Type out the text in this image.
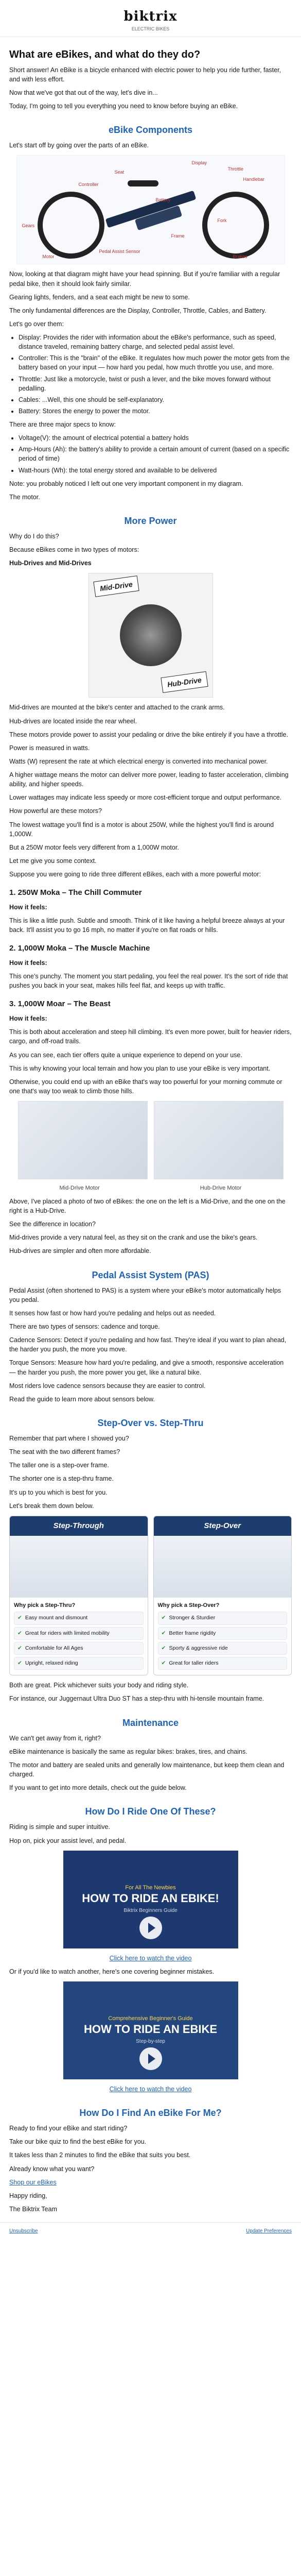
biktrix
ELECTRIC BIKES
What are eBikes, and what do they do?

Short answer! An eBike is a bicycle enhanced with electric power to help you ride further, faster, and with less effort.

Now that we've got that out of the way, let's dive in...

Today, I'm going to tell you everything you need to know before buying an eBike.

eBike Components

Let's start off by going over the parts of an eBike.

Display
Throttle
Handlebar
Seat
Battery
Controller
Pedal Assist Sensor
Motor	Brakes
Frame
Gears
Fork

Now, looking at that diagram might have your head spinning. But if you're familiar with a regular pedal bike, then it should look fairly similar.

Gearing lights, fenders, and a seat each might be new to some.

The only fundamental differences are the Display, Controller, Throttle, Cables, and Battery.

Let's go over them:

• Display: Provides the rider with information about the eBike's performance, such as speed, distance traveled, remaining battery charge, and selected pedal assist level.
• Controller: This is the "brain" of the eBike. It regulates how much power the motor gets from the battery based on your input — how hard you pedal, how much throttle you use, and more.
• Throttle: Just like a motorcycle, twist or push a lever, and the bike moves forward without pedalling.
• Cables: ...Well, this one should be self-explanatory.
• Battery: Stores the energy to power the motor.

There are three major specs to know:

• Voltage(V): the amount of electrical potential a battery holds
• Amp-Hours (Ah): the battery's ability to provide a certain amount of current (based on a specific period of time)
• Watt-hours (Wh): the total energy stored and available to be delivered

Note: you probably noticed I left out one very important component in my diagram.

The motor.

More Power

Why do I do this?

Because eBikes come in two types of motors:

Hub-Drives and Mid-Drives

Mid-Drive
Hub-Drive

Mid-drives are mounted at the bike's center and attached to the crank arms.

Hub-drives are located inside the rear wheel.

These motors provide power to assist your pedaling or drive the bike entirely if you have a throttle.

Power is measured in watts.

Watts (W) represent the rate at which electrical energy is converted into mechanical power.

A higher wattage means the motor can deliver more power, leading to faster acceleration, climbing ability, and higher speeds.

Lower wattages may indicate less speedy or more cost-efficient torque and output performance.

How powerful are these motors?

The lowest wattage you'll find is a motor is about 250W, while the highest you'll find is around 1,000W.

But a 250W motor feels very different from a 1,000W motor.

Let me give you some context.

Suppose you were going to ride three different eBikes, each with a more powerful motor:

1. 250W Moka – The Chill Commuter

How it feels:

This is like a little push. Subtle and smooth. Think of it like having a helpful breeze always at your back. It'll assist you to go 16 mph, no matter if you're on flat roads or hills.

2. 1,000W Moka – The Muscle Machine

How it feels:

This one's punchy. The moment you start pedaling, you feel the real power. It's the sort of ride that pushes you back in your seat, makes hills feel flat, and keeps up with traffic.

3. 1,000W Moar – The Beast

How it feels:

This is both about acceleration and steep hill climbing. It's even more power, built for heavier riders, cargo, and off-road trails.

As you can see, each tier offers quite a unique experience to depend on your use.

This is why knowing your local terrain and how you plan to use your eBike is very important.

Otherwise, you could end up with an eBike that's way too powerful for your morning commute or one that's way too weak to climb those hills.

Mid-Drive Motor	Hub-Drive Motor

Above, I've placed a photo of two of eBikes: the one on the left is a Mid-Drive, and the one on the right is a Hub-Drive.

See the difference in location?

Mid-drives provide a very natural feel, as they sit on the crank and use the bike's gears.

Hub-drives are simpler and often more affordable.

Pedal Assist System (PAS)

Pedal Assist (often shortened to PAS) is a system where your eBike's motor automatically helps you pedal.

It senses how fast or how hard you're pedaling and helps out as needed.

There are two types of sensors: cadence and torque.

Cadence Sensors: Detect if you're pedaling and how fast. They're ideal if you want to plan ahead, the harder you push, the more you move.

Torque Sensors: Measure how hard you're pedaling, and give a smooth, responsive acceleration — the harder you push, the more power you get, like a natural bike.

Most riders love cadence sensors because they are easier to control.

Read the guide to learn more about sensors below.

Step-Over vs. Step-Thru

Remember that part where I showed you?

The seat with the two different frames?

The taller one is a step-over frame.

The shorter one is a step-thru frame.

It's up to you which is best for you.

Let's break them down below.

Step-Through
Why pick a Step-Thru?
✔ Easy mount and dismount
✔ Great for riders with limited mobility
✔ Comfortable for All Ages
✔ Upright, relaxed riding
Step-Over
Why pick a Step-Over?
✔ Stronger & Sturdier
✔ Better frame rigidity
✔ Sporty & aggressive ride
✔ Great for taller riders

Both are great. Pick whichever suits your body and riding style.

For instance, our Juggernaut Ultra Duo ST has a step-thru with hi-tensile mountain frame.

Maintenance

We can't get away from it, right?

eBike maintenance is basically the same as regular bikes: brakes, tires, and chains.

The motor and battery are sealed units and generally low maintenance, but keep them clean and charged.

If you want to get into more details, check out the guide below.

How Do I Ride One Of These?

Riding is simple and super intuitive.

Hop on, pick your assist level, and pedal.

For All The Newbies
HOW TO RIDE AN EBIKE!
Biktrix Beginners Guide

Click here to watch the video

Or if you'd like to watch another, here's one covering beginner mistakes.

Comprehensive Beginner's Guide
HOW TO RIDE AN EBIKE
Step-by-step

Click here to watch the video

How Do I Find An eBike For Me?

Ready to find your eBike and start riding?

Take our bike quiz to find the best eBike for you.

It takes less than 2 minutes to find the eBike that suits you best.

Already know what you want?

Shop our eBikes

Happy riding,

The Biktrix Team

Unsubscribe	Update Preferences
